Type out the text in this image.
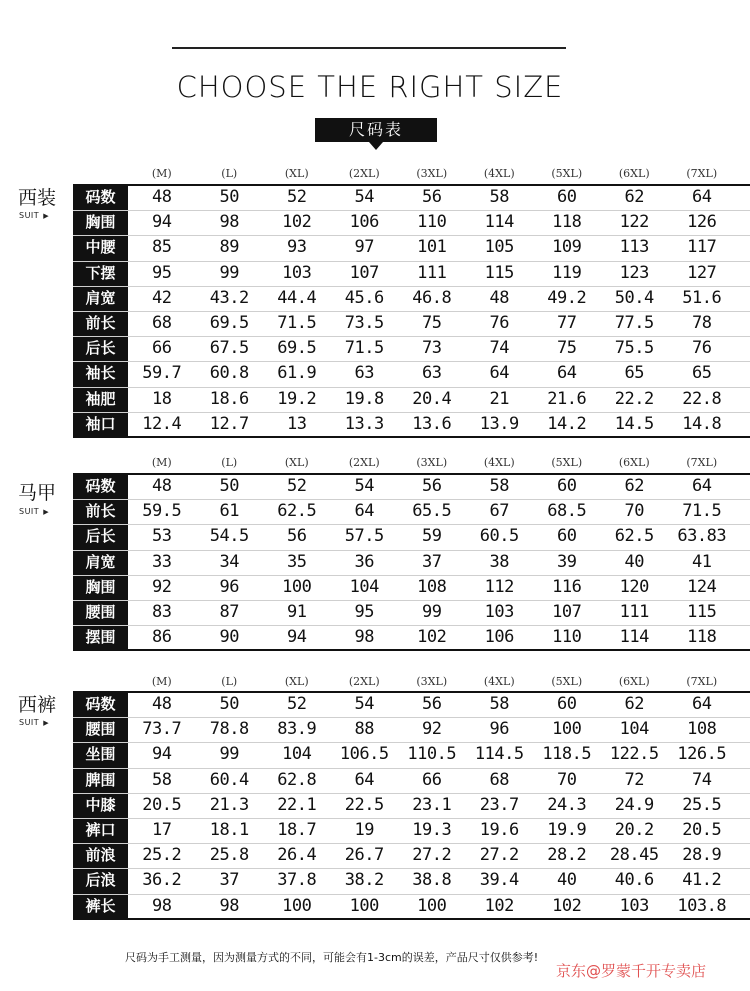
CHOOSE THE RIGHT SIZE
尺码表
(M)	(L)	(XL)	(2XL)	(3XL)	(4XL)	(5XL)	(6XL)	(7XL)
西装
SUIT ▶
码数	48	50	52	54	56	58	60	62	64
胸围	94	98	102	106	110	114	118	122	126
中腰	85	89	93	97	101	105	109	113	117
下摆	95	99	103	107	111	115	119	123	127
肩宽	42	43.2	44.4	45.6	46.8	48	49.2	50.4	51.6
前长	68	69.5	71.5	73.5	75	76	77	77.5	78
后长	66	67.5	69.5	71.5	73	74	75	75.5	76
袖长	59.7	60.8	61.9	63	63	64	64	65	65
袖肥	18	18.6	19.2	19.8	20.4	21	21.6	22.2	22.8
袖口	12.4	12.7	13	13.3	13.6	13.9	14.2	14.5	14.8
(M)	(L)	(XL)	(2XL)	(3XL)	(4XL)	(5XL)	(6XL)	(7XL)
马甲
SUIT ▶
码数	48	50	52	54	56	58	60	62	64
前长	59.5	61	62.5	64	65.5	67	68.5	70	71.5
后长	53	54.5	56	57.5	59	60.5	60	62.5	63.83
肩宽	33	34	35	36	37	38	39	40	41
胸围	92	96	100	104	108	112	116	120	124
腰围	83	87	91	95	99	103	107	111	115
摆围	86	90	94	98	102	106	110	114	118
(M)	(L)	(XL)	(2XL)	(3XL)	(4XL)	(5XL)	(6XL)	(7XL)
西裤
SUIT ▶
码数	48	50	52	54	56	58	60	62	64
腰围	73.7	78.8	83.9	88	92	96	100	104	108
坐围	94	99	104	106.5	110.5	114.5	118.5	122.5	126.5
脾围	58	60.4	62.8	64	66	68	70	72	74
中膝	20.5	21.3	22.1	22.5	23.1	23.7	24.3	24.9	25.5
裤口	17	18.1	18.7	19	19.3	19.6	19.9	20.2	20.5
前浪	25.2	25.8	26.4	26.7	27.2	27.2	28.2	28.45	28.9
后浪	36.2	37	37.8	38.2	38.8	39.4	40	40.6	41.2
裤长	98	98	100	100	100	102	102	103	103.8
尺码为手工测量，因为测量方式的不同，可能会有1-3cm的误差，产品尺寸仅供参考!
京东@罗蒙千开专卖店
